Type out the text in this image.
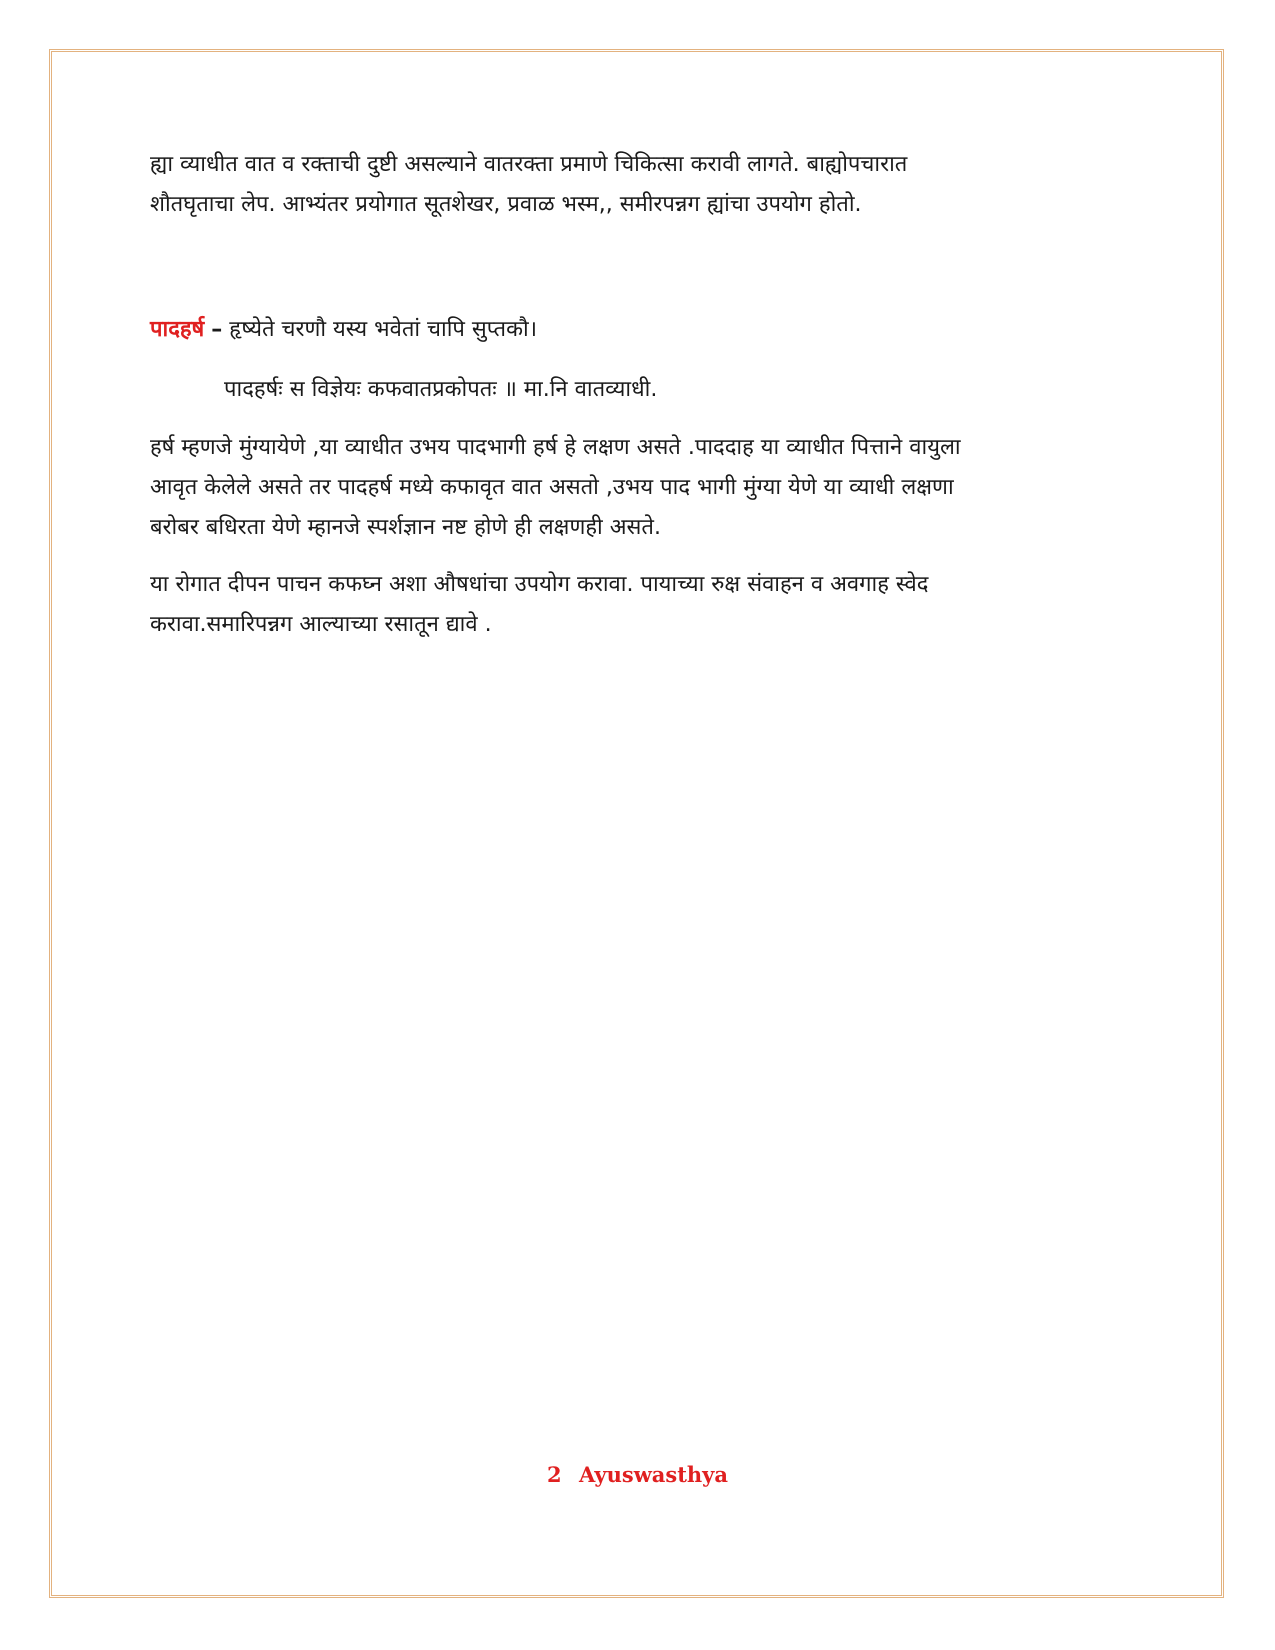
ह्या व्याधीत वात व रक्ताची दुष्टी असल्याने वातरक्ता प्रमाणे चिकित्सा करावी लागते. बाह्योपचारात
शौतघृताचा लेप. आभ्यंतर प्रयोगात सूतशेखर, प्रवाळ भस्म,, समीरपन्नग ह्यांचा उपयोग होतो.

पादहर्ष – हृष्येते चरणौ यस्य भवेतां चापि सुप्तकौ।

पादहर्षः स विज्ञेयः कफवातप्रकोपतः ॥ मा.नि वातव्याधी.

हर्ष म्हणजे मुंग्यायेणे ,या व्याधीत उभय पादभागी हर्ष हे लक्षण असते .पाददाह या व्याधीत पित्ताने वायुला
आवृत केलेले असते तर पादहर्ष मध्ये कफावृत वात असतो ,उभय पाद भागी मुंग्या येणे या व्याधी लक्षणा
बरोबर बधिरता येणे म्हानजे स्पर्शज्ञान नष्ट होणे ही लक्षणही असते.

या रोगात दीपन पाचन कफघ्न अशा औषधांचा उपयोग करावा. पायाच्या रुक्ष संवाहन व अवगाह स्वेद
करावा.समारिपन्नग आल्याच्या रसातून द्यावे .

2 Ayuswasthya
